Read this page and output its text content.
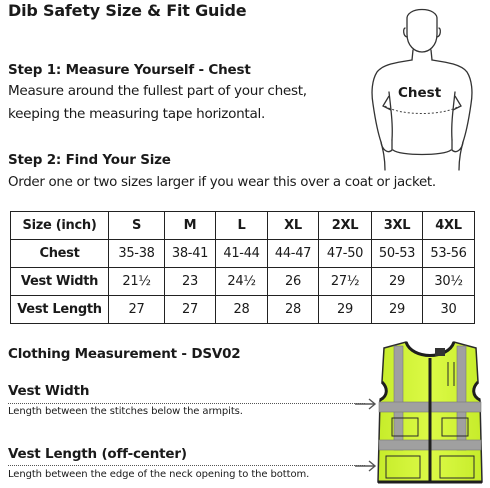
Dib Safety Size & Fit Guide
Chest
Step 1: Measure Yourself - Chest
Measure around the fullest part of your chest,
keeping the measuring tape horizontal.
Step 2: Find Your Size
Order one or two sizes larger if you wear this over a coat or jacket.
Size (inch)	S	M	L	XL	2XL	3XL	4XL
Chest	35-38	38-41	41-44	44-47	47-50	50-53	53-56
Vest Width	21½	23	24½	26	27½	29	30½
Vest Length	27	27	28	28	29	29	30
Clothing Measurement - DSV02
Vest Width
Length between the stitches below the armpits.
Vest Length (off-center)
Length between the edge of the neck opening to the bottom.
